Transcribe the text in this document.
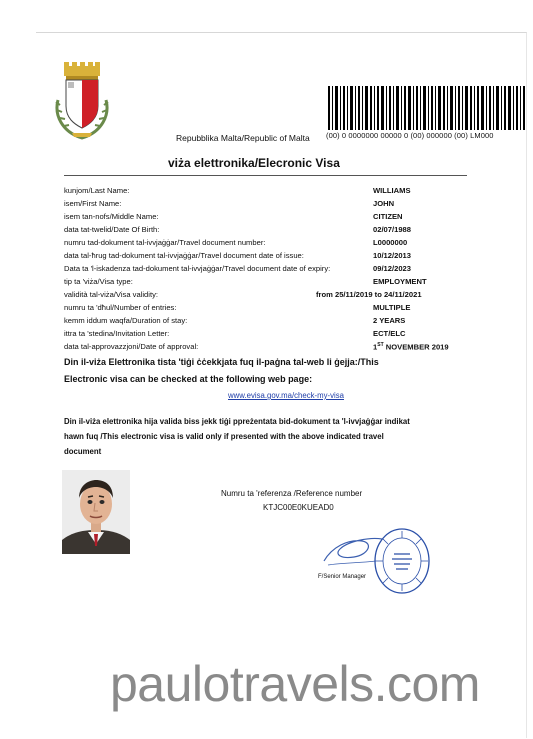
(00) 0 0000000 00000 0 (00) 000000 (00) LM000
Repubblika Malta/Republic of Malta
viża elettronika/Elecronic Visa
kunjom/Last Name:	WILLIAMS
isem/First Name:	JOHN
isem tan-nofs/Middle Name:	CITIZEN
data tat-twelid/Date Of Birth:	02/07/1988
numru tad-dokument tal-ivvjaġġar/Travel document number:	L0000000
data tal-ħrug tad-dokument tal-ivvjaġġar/Travel document date of issue:	10/12/2013
Data ta 'l-iskadenza tad-dokument tal-ivvjaġġar/Travel document date of expiry:	09/12/2023
tip ta 'viża/Visa type:	EMPLOYMENT
validità tal-viża/Visa validity:	from 25/11/2019 to 24/11/2021
numru ta 'dħul/Number of entries:	MULTIPLE
kemm iddum waqfa/Duration of stay:	2 YEARS
ittra ta 'stedina/Invitation Letter:	ECT/ELC
data tal-approvazzjoni/Date of approval:	1ST NOVEMBER 2019
Din il-viża Elettronika tista 'tiġi ċċekkjata fuq il-paġna tal-web li ġejja:/This
Electronic visa can be checked at the following web page:
www.evisa.gov.ma/check-my-visa
Din il-viża elettronika hija valida biss jekk tiġi ppreżentata bid-dokument ta 'l-ivvjaġġar indikat
hawn fuq /This electronic visa is valid only if presented with the above indicated travel
document
Numru ta 'referenza /Reference number
KTJC00E0KUEAD0
F/Senior Manager
paulotravels.com
